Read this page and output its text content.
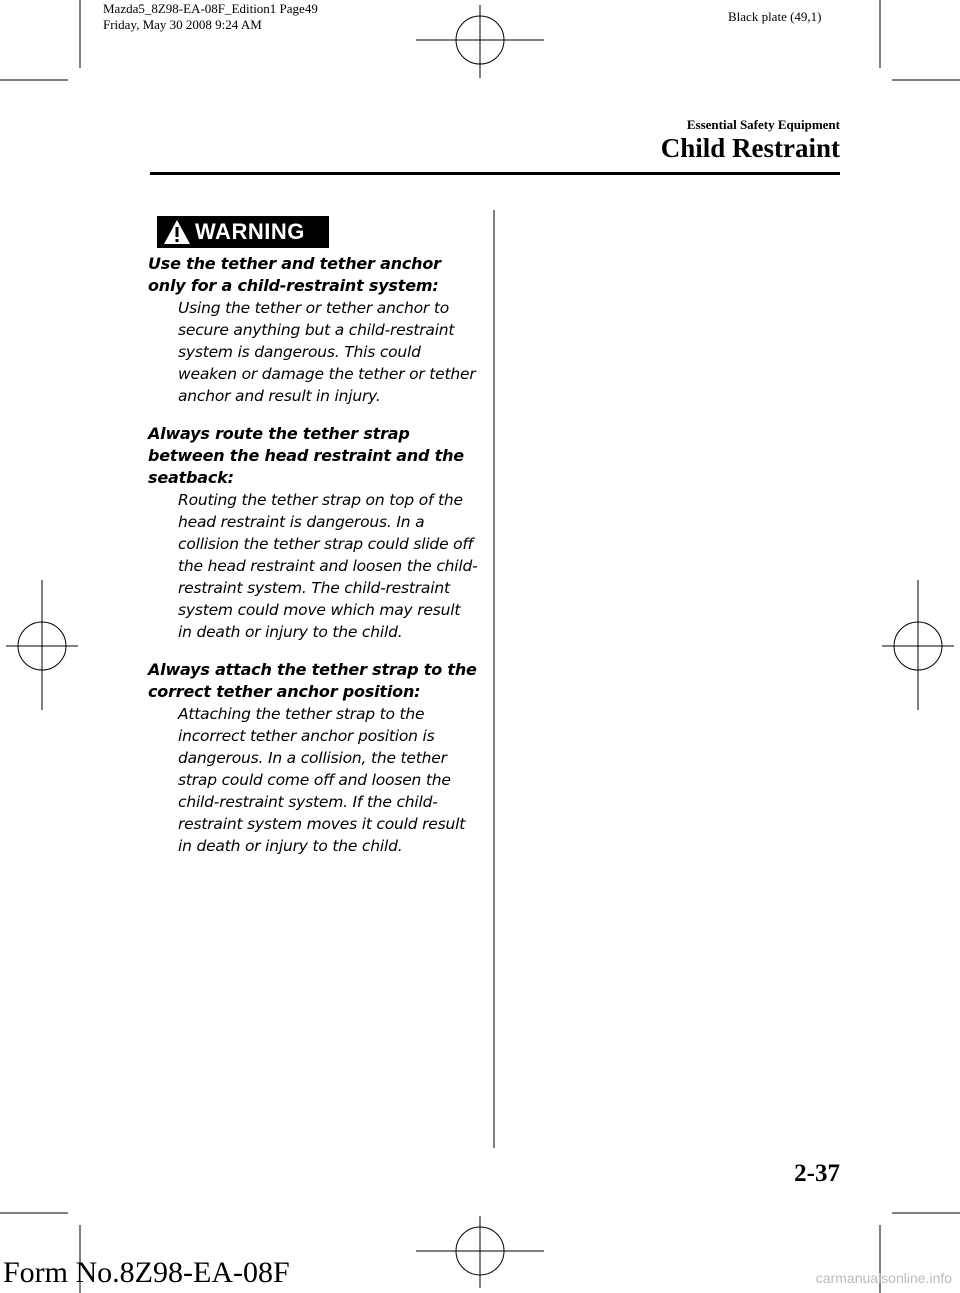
Mazda5_8Z98-EA-08F_Edition1 Page49
Friday, May 30 2008 9:24 AM
Black plate (49,1)
Essential Safety Equipment
Child Restraint
WARNING
Use the tether and tether anchor only for a child-restraint system:
Using the tether or tether anchor to secure anything but a child-restraint system is dangerous. This could weaken or damage the tether or tether anchor and result in injury.
Always route the tether strap between the head restraint and the seatback:
Routing the tether strap on top of the head restraint is dangerous. In a collision the tether strap could slide off the head restraint and loosen the child-restraint system. The child-restraint system could move which may result in death or injury to the child.
Always attach the tether strap to the correct tether anchor position:
Attaching the tether strap to the incorrect tether anchor position is dangerous. In a collision, the tether strap could come off and loosen the child-restraint system. If the child-restraint system moves it could result in death or injury to the child.
2-37
Form No.8Z98-EA-08F	carmanualsonline.info
